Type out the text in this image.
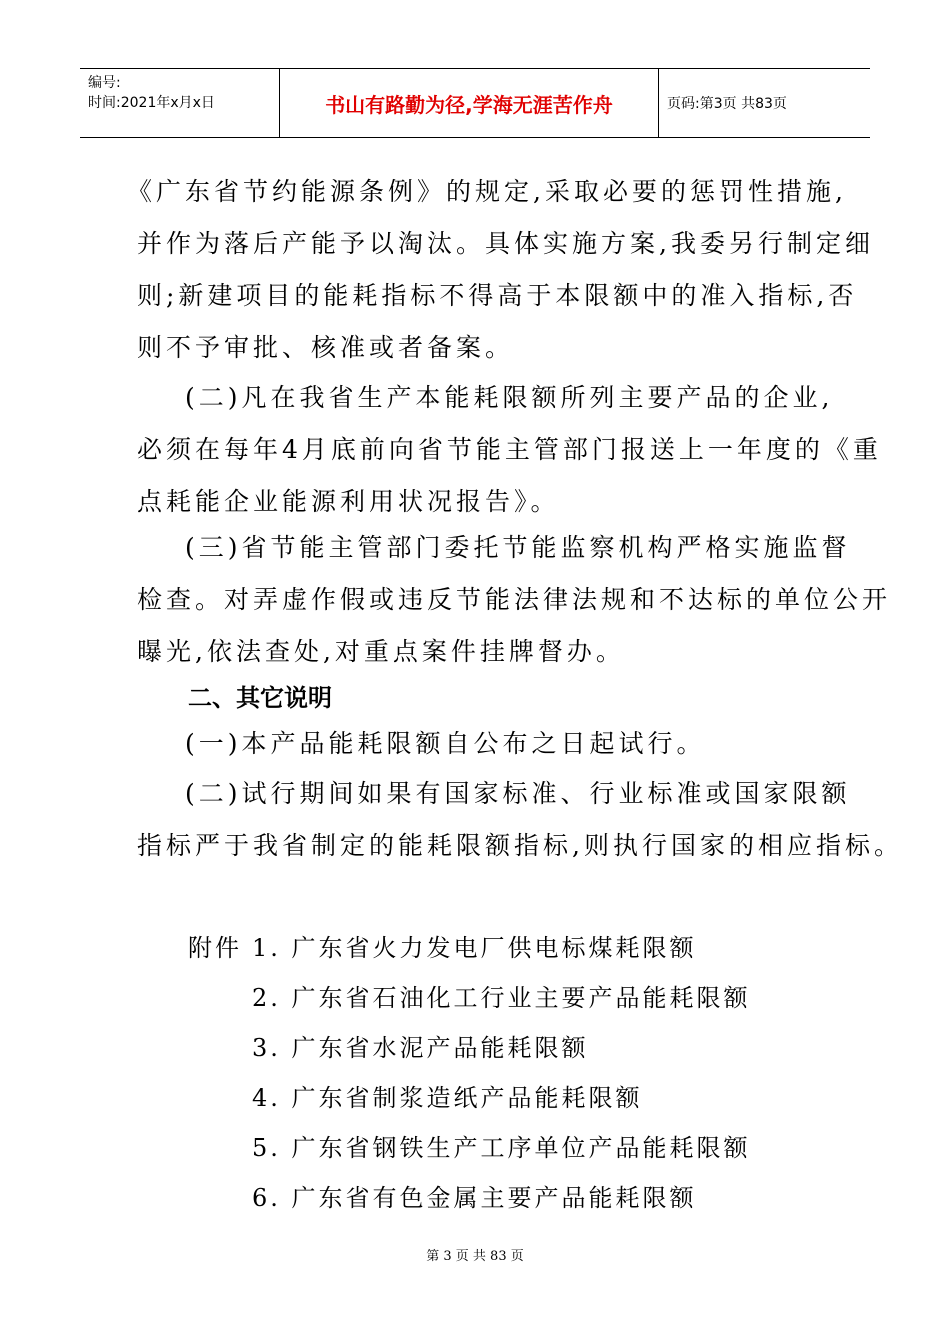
编号:
时间:2021年x月x日	书山有路勤为径,学海无涯苦作舟	页码:第3页 共83页

《广东省节约能源条例》的规定,采取必要的惩罚性措施,
并作为落后产能予以淘汰。具体实施方案,我委另行制定细
则;新建项目的能耗指标不得高于本限额中的准入指标,否
则不予审批、核准或者备案。

(二)凡在我省生产本能耗限额所列主要产品的企业,
必须在每年4月底前向省节能主管部门报送上一年度的《重
点耗能企业能源利用状况报告》。

(三)省节能主管部门委托节能监察机构严格实施监督
检查。对弄虚作假或违反节能法律法规和不达标的单位公开
曝光,依法查处,对重点案件挂牌督办。

二、其它说明

(一)本产品能耗限额自公布之日起试行。

(二)试行期间如果有国家标准、行业标准或国家限额
指标严于我省制定的能耗限额指标,则执行国家的相应指标。

附件 1. 广东省火力发电厂供电标煤耗限额
2. 广东省石油化工行业主要产品能耗限额
3. 广东省水泥产品能耗限额
4. 广东省制浆造纸产品能耗限额
5. 广东省钢铁生产工序单位产品能耗限额
6. 广东省有色金属主要产品能耗限额
第 3 页 共 83 页
